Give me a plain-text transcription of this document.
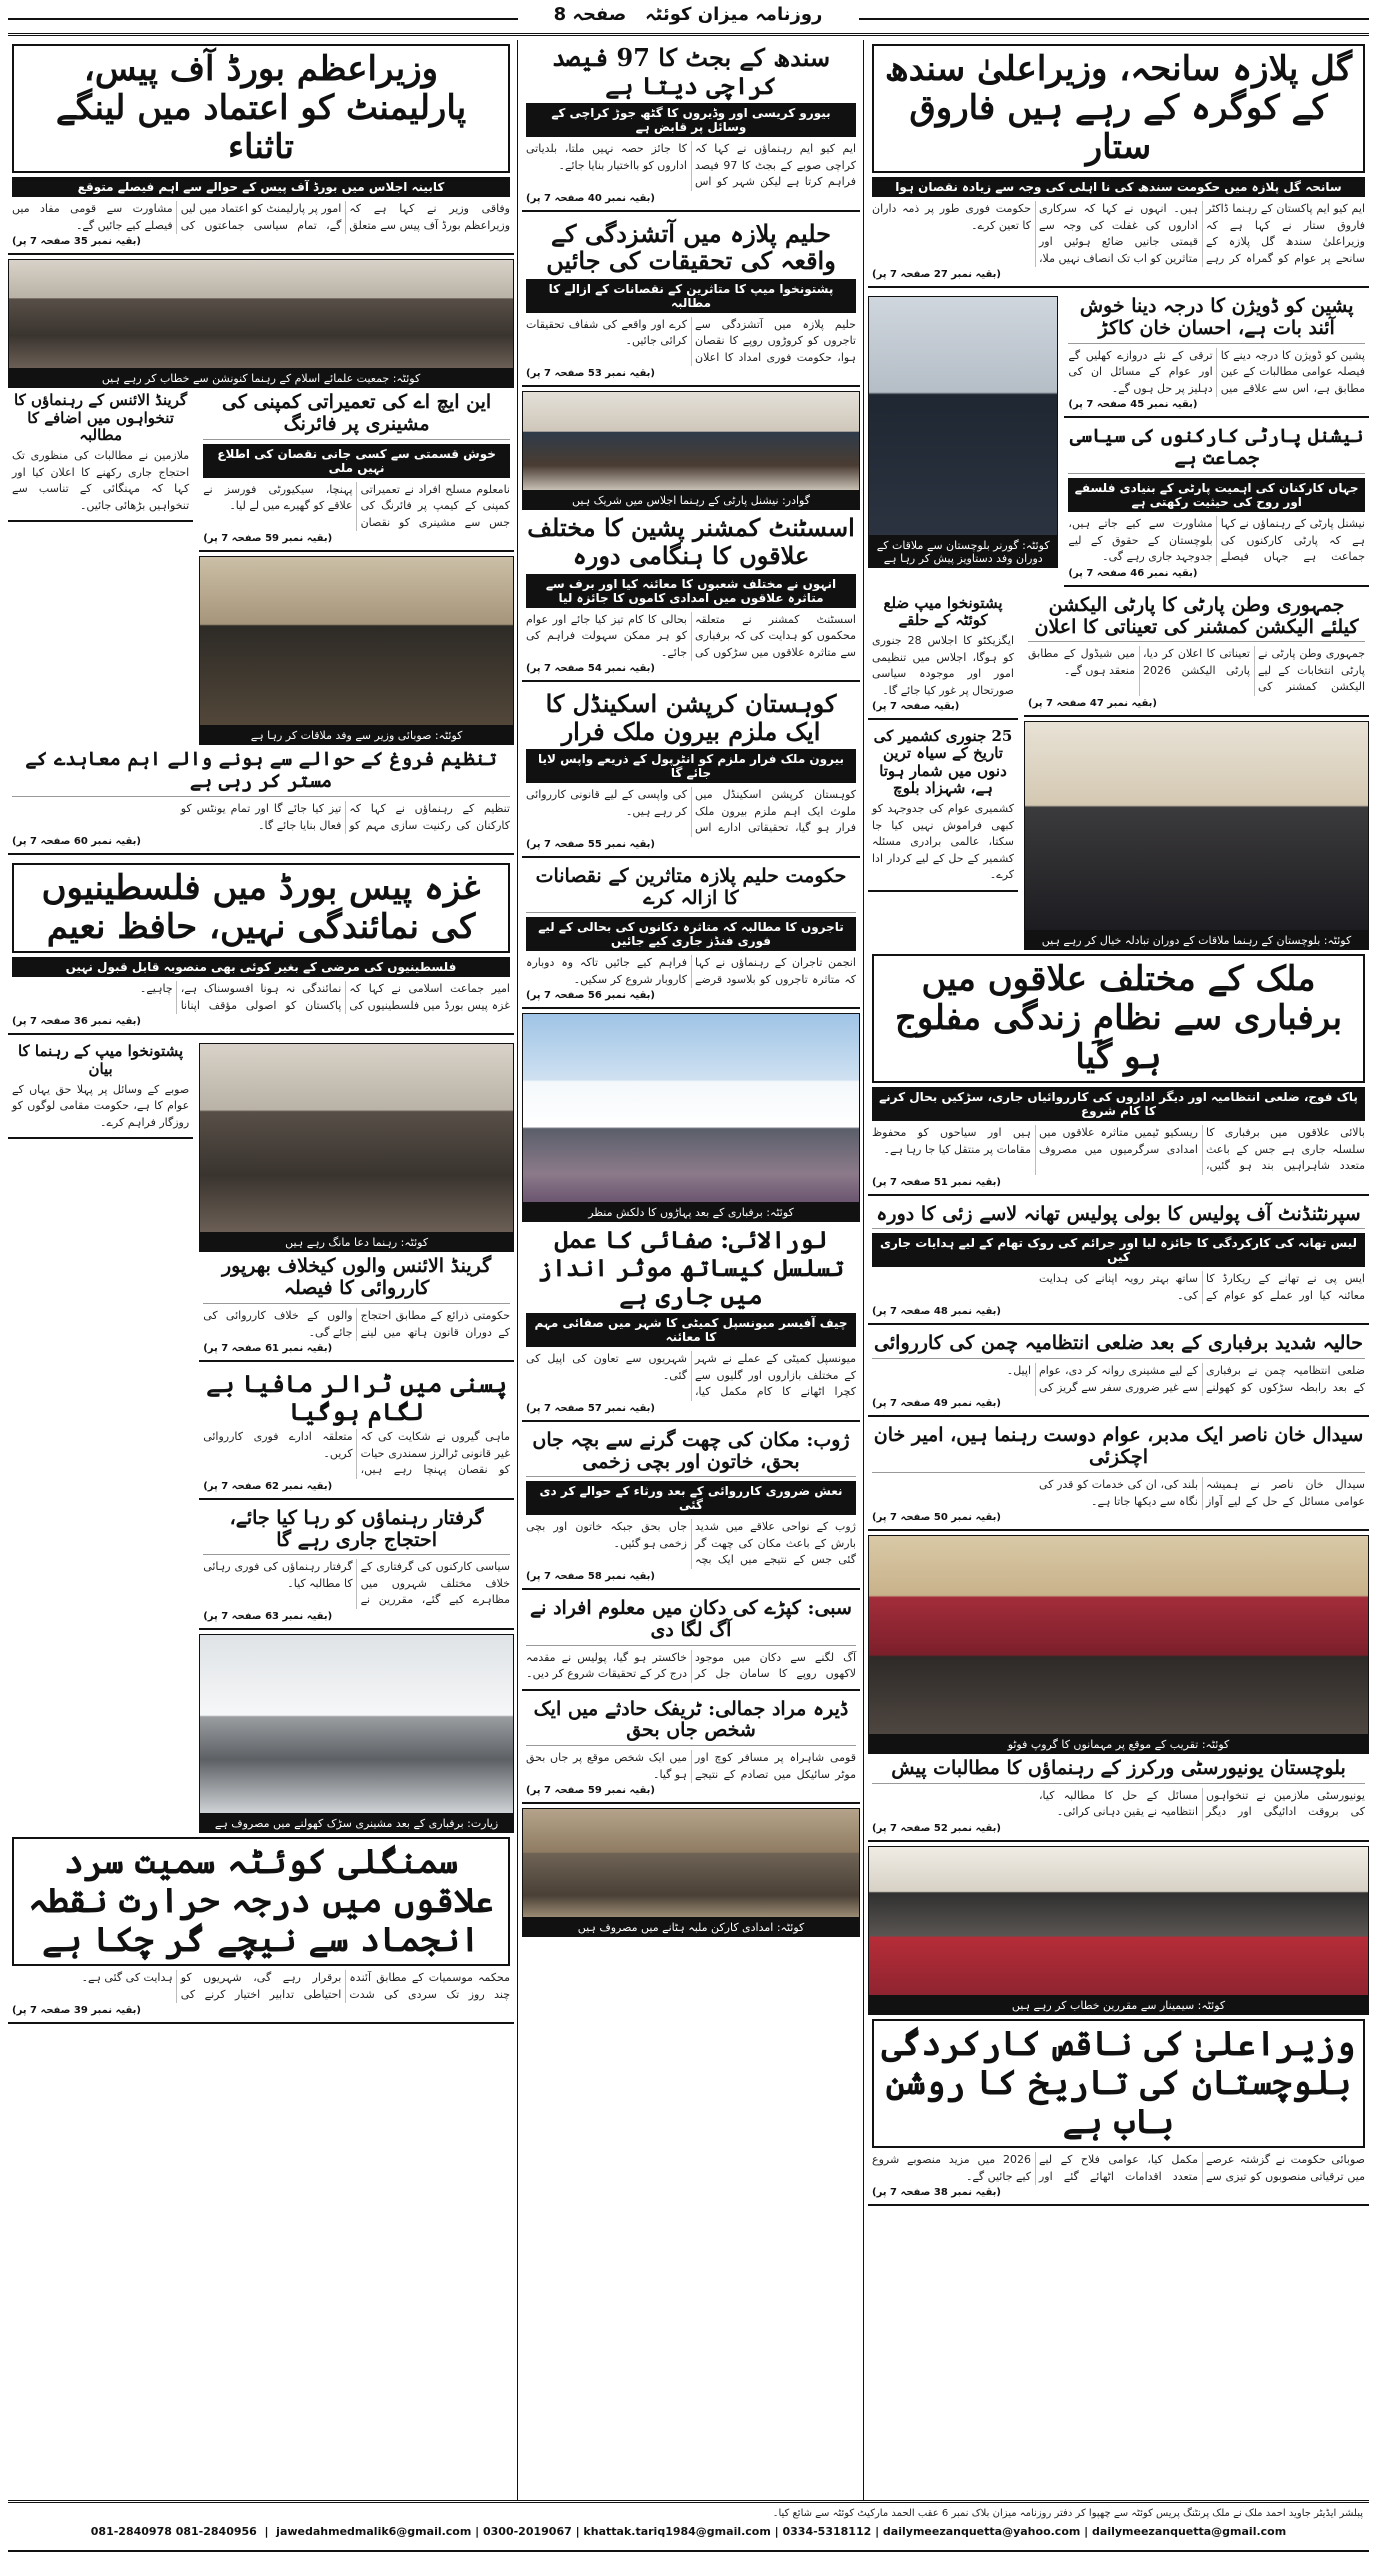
روزنامہ میزان کوئٹہ   صفحہ 8
گل پلازہ سانحہ، وزیراعلیٰ سندھ کے کوگرہ کے رہے ہیں فاروق ستار
سانحہ گل پلازہ میں حکومت سندھ کی نا اہلی کی وجہ سے زیادہ نقصان ہوا
ایم کیو ایم پاکستان کے رہنما ڈاکٹر فاروق ستار نے کہا ہے کہ وزیراعلیٰ سندھ گل پلازہ کے سانحے پر عوام کو گمراہ کر رہے ہیں۔ انہوں نے کہا کہ سرکاری اداروں کی غفلت کی وجہ سے قیمتی جانیں ضائع ہوئیں اور متاثرین کو اب تک انصاف نہیں ملا، حکومت فوری طور پر ذمہ داران کا تعین کرے۔
(بقیہ نمبر 27 صفحہ 7 پر)
پشین کو ڈویژن کا درجہ دینا خوش آئند بات ہے، احسان خان کاکڑ
پشین کو ڈویژن کا درجہ دینے کا فیصلہ عوامی مطالبات کے عین مطابق ہے، اس سے علاقے میں ترقی کے نئے دروازے کھلیں گے اور عوام کے مسائل ان کی دہلیز پر حل ہوں گے۔
(بقیہ نمبر 45 صفحہ 7 پر)
نیشنل پارٹی کارکنوں کی سیاسی جماعت ہے
جہاں کارکنان کی اہمیت پارٹی کے بنیادی فلسفے اور روح کی حیثیت رکھتی ہے
نیشنل پارٹی کے رہنماؤں نے کہا ہے کہ پارٹی کارکنوں کی جماعت ہے جہاں فیصلے مشاورت سے کیے جاتے ہیں، بلوچستان کے حقوق کے لیے جدوجہد جاری رہے گی۔
(بقیہ نمبر 46 صفحہ 7 پر)
کوئٹہ: گورنر بلوچستان سے ملاقات کے دوران وفد دستاویز پیش کر رہا ہے
جمہوری وطن پارٹی کا پارٹی الیکشن کیلئے الیکشن کمشنر کی تعیناتی کا اعلان
جمہوری وطن پارٹی نے پارٹی انتخابات کے لیے الیکشن کمشنر کی تعیناتی کا اعلان کر دیا، پارٹی الیکشن 2026 میں شیڈول کے مطابق منعقد ہوں گے۔
(بقیہ نمبر 47 صفحہ 7 پر)
کوئٹہ: بلوچستان کے رہنما ملاقات کے دوران تبادلہ خیال کر رہے ہیں
پشتونخوا میپ ضلع کوئٹہ کے حلقے
ایگزیکٹو کا اجلاس 28 جنوری کو ہوگا، اجلاس میں تنظیمی امور اور موجودہ سیاسی صورتحال پر غور کیا جائے گا۔
(بقیہ صفحہ 7 پر)
25 جنوری کشمیر کی تاریخ کے سیاہ ترین دنوں میں شمار ہوتا ہے، شہزاد بلوچ
کشمیری عوام کی جدوجہد کو کبھی فراموش نہیں کیا جا سکتا، عالمی برادری مسئلہ کشمیر کے حل کے لیے کردار ادا کرے۔
ملک کے مختلف علاقوں میں برفباری سے نظامِ زندگی مفلوج ہو گیا
پاک فوج، ضلعی انتظامیہ اور دیگر اداروں کی کارروائیاں جاری، سڑکیں بحال کرنے کا کام شروع
بالائی علاقوں میں برفباری کا سلسلہ جاری ہے جس کے باعث متعدد شاہراہیں بند ہو گئیں، ریسکیو ٹیمیں متاثرہ علاقوں میں امدادی سرگرمیوں میں مصروف ہیں اور سیاحوں کو محفوظ مقامات پر منتقل کیا جا رہا ہے۔
(بقیہ نمبر 51 صفحہ 7 پر)
سپرنٹنڈنٹ آف پولیس کا بولی پولیس تھانہ لاسے زئی کا دورہ
لیس تھانہ کی کارکردگی کا جائزہ لیا اور جرائم کی روک تھام کے لیے ہدایات جاری کیں
ایس پی نے تھانے کے ریکارڈ کا معائنہ کیا اور عملے کو عوام کے ساتھ بہتر رویہ اپنانے کی ہدایت کی۔
(بقیہ نمبر 48 صفحہ 7 پر)
حالیہ شدید برفباری کے بعد ضلعی انتظامیہ چمن کی کارروائی
ضلعی انتظامیہ چمن نے برفباری کے بعد رابطہ سڑکوں کو کھولنے کے لیے مشینری روانہ کر دی، عوام سے غیر ضروری سفر سے گریز کی اپیل۔
(بقیہ نمبر 49 صفحہ 7 پر)
سیدال خان ناصر ایک مدبر، عوام دوست رہنما ہیں، امیر خان اچکزئی
سیدال خان ناصر نے ہمیشہ عوامی مسائل کے حل کے لیے آواز بلند کی، ان کی خدمات کو قدر کی نگاہ سے دیکھا جاتا ہے۔
(بقیہ نمبر 50 صفحہ 7 پر)
کوئٹہ: تقریب کے موقع پر مہمانوں کا گروپ فوٹو
بلوچستان یونیورسٹی ورکرز کے رہنماؤں کا مطالبات پیش
یونیورسٹی ملازمین نے تنخواہوں کی بروقت ادائیگی اور دیگر مسائل کے حل کا مطالبہ کیا، انتظامیہ نے یقین دہانی کرائی۔
(بقیہ نمبر 52 صفحہ 7 پر)
کوئٹہ: سیمینار سے مقررین خطاب کر رہے ہیں
وزیراعلیٰ کی ناقص کارکردگی بلوچستان کی تاریخ کا روشن باب ہے
صوبائی حکومت نے گزشتہ عرصے میں ترقیاتی منصوبوں کو تیزی سے مکمل کیا، عوامی فلاح کے لیے متعدد اقدامات اٹھائے گئے اور 2026 میں مزید منصوبے شروع کیے جائیں گے۔
(بقیہ نمبر 38 صفحہ 7 پر)
سندھ کے بجٹ کا 97 فیصد کراچی دیتا ہے
بیورو کریسی اور وڈیروں کا گٹھ جوڑ کراچی کے وسائل پر قابض ہے
ایم کیو ایم رہنماؤں نے کہا کہ کراچی صوبے کے بجٹ کا 97 فیصد فراہم کرتا ہے لیکن شہر کو اس کا جائز حصہ نہیں ملتا، بلدیاتی اداروں کو بااختیار بنایا جائے۔
(بقیہ نمبر 40 صفحہ 7 پر)
حلیم پلازہ میں آتشزدگی کے واقعہ کی تحقیقات کی جائیں
پشتونخوا میپ کا متاثرین کے نقصانات کے ازالے کا مطالبہ
حلیم پلازہ میں آتشزدگی سے تاجروں کو کروڑوں روپے کا نقصان ہوا، حکومت فوری امداد کا اعلان کرے اور واقعے کی شفاف تحقیقات کرائی جائیں۔
(بقیہ نمبر 53 صفحہ 7 پر)
گوادر: نیشنل پارٹی کے رہنما اجلاس میں شریک ہیں
اسسٹنٹ کمشنر پشین کا مختلف علاقوں کا ہنگامی دورہ
انہوں نے مختلف شعبوں کا معائنہ کیا اور برف سے متاثرہ علاقوں میں امدادی کاموں کا جائزہ لیا
اسسٹنٹ کمشنر نے متعلقہ محکموں کو ہدایت کی کہ برفباری سے متاثرہ علاقوں میں سڑکوں کی بحالی کا کام تیز کیا جائے اور عوام کو ہر ممکن سہولت فراہم کی جائے۔
(بقیہ نمبر 54 صفحہ 7 پر)
کوہستان کرپشن اسکینڈل کا ایک ملزم بیرون ملک فرار
بیرون ملک فرار ملزم کو انٹرپول کے ذریعے واپس لایا جائے گا
کوہستان کرپشن اسکینڈل میں ملوث ایک اہم ملزم بیرون ملک فرار ہو گیا، تحقیقاتی ادارے اس کی واپسی کے لیے قانونی کارروائی کر رہے ہیں۔
(بقیہ نمبر 55 صفحہ 7 پر)
حکومت حلیم پلازہ متاثرین کے نقصانات کا ازالہ کرے
تاجروں کا مطالبہ کہ متاثرہ دکانوں کی بحالی کے لیے فوری فنڈز جاری کیے جائیں
انجمن تاجران کے رہنماؤں نے کہا کہ متاثرہ تاجروں کو بلاسود قرضے فراہم کیے جائیں تاکہ وہ دوبارہ کاروبار شروع کر سکیں۔
(بقیہ نمبر 56 صفحہ 7 پر)
کوئٹہ: برفباری کے بعد پہاڑوں کا دلکش منظر
لورالائی: صفائی کا عمل تسلسل کیساتھ موثر انداز میں جاری ہے
چیف آفیسر میونسپل کمیٹی کا شہر میں صفائی مہم کا معائنہ
میونسپل کمیٹی کے عملے نے شہر کے مختلف بازاروں اور گلیوں سے کچرا اٹھانے کا کام مکمل کیا، شہریوں سے تعاون کی اپیل کی گئی۔
(بقیہ نمبر 57 صفحہ 7 پر)
ژوب: مکان کی چھت گرنے سے بچہ جاں بحق، خاتون اور بچی زخمی
نعش ضروری کارروائی کے بعد ورثاء کے حوالے کر دی گئی
ژوب کے نواحی علاقے میں شدید بارش کے باعث مکان کی چھت گر گئی جس کے نتیجے میں ایک بچہ جاں بحق جبکہ خاتون اور بچی زخمی ہو گئیں۔
(بقیہ نمبر 58 صفحہ 7 پر)
سبی: کپڑے کی دکان میں معلوم افراد نے آگ لگا دی
آگ لگنے سے دکان میں موجود لاکھوں روپے کا سامان جل کر خاکستر ہو گیا، پولیس نے مقدمہ درج کر کے تحقیقات شروع کر دیں۔
ڈیرہ مراد جمالی: ٹریفک حادثے میں ایک شخص جاں بحق
قومی شاہراہ پر مسافر کوچ اور موٹر سائیکل میں تصادم کے نتیجے میں ایک شخص موقع پر جاں بحق ہو گیا۔
(بقیہ نمبر 59 صفحہ 7 پر)
کوئٹہ: امدادی کارکن ملبہ ہٹانے میں مصروف ہیں
وزیراعظم بورڈ آف پیس، پارلیمنٹ کو اعتماد میں لینگے تاثناء
کابینہ اجلاس میں بورڈ آف پیس کے حوالے سے اہم فیصلے متوقع
وفاقی وزیر نے کہا ہے کہ وزیراعظم بورڈ آف پیس سے متعلق امور پر پارلیمنٹ کو اعتماد میں لیں گے، تمام سیاسی جماعتوں کی مشاورت سے قومی مفاد میں فیصلے کیے جائیں گے۔
(بقیہ نمبر 35 صفحہ 7 پر)
کوئٹہ: جمعیت علمائے اسلام کے رہنما کنونشن سے خطاب کر رہے ہیں
این ایچ اے کی تعمیراتی کمپنی کی مشینری پر فائرنگ
خوش قسمتی سے کسی جانی نقصان کی اطلاع نہیں ملی
نامعلوم مسلح افراد نے تعمیراتی کمپنی کے کیمپ پر فائرنگ کی جس سے مشینری کو نقصان پہنچا، سیکیورٹی فورسز نے علاقے کو گھیرے میں لے لیا۔
(بقیہ نمبر 59 صفحہ 7 پر)
کوئٹہ: صوبائی وزیر سے وفد ملاقات کر رہا ہے
گرینڈ الائنس کے رہنماؤں کا تنخواہوں میں اضافے کا مطالبہ
ملازمین نے مطالبات کی منظوری تک احتجاج جاری رکھنے کا اعلان کیا اور کہا کہ مہنگائی کے تناسب سے تنخواہیں بڑھائی جائیں۔
تنظیم فروغ کے حوالے سے ہونے والے اہم معاہدے کے مستر کر رہی ہے
تنظیم کے رہنماؤں نے کہا کہ کارکنان کی رکنیت سازی مہم کو تیز کیا جائے گا اور تمام یونٹس کو فعال بنایا جائے گا۔
(بقیہ نمبر 60 صفحہ 7 پر)
غزہ پیس بورڈ میں فلسطینیوں کی نمائندگی نہیں، حافظ نعیم
فلسطینیوں کی مرضی کے بغیر کوئی بھی منصوبہ قابل قبول نہیں
امیر جماعت اسلامی نے کہا کہ غزہ پیس بورڈ میں فلسطینیوں کی نمائندگی نہ ہونا افسوسناک ہے، پاکستان کو اصولی مؤقف اپنانا چاہیے۔
(بقیہ نمبر 36 صفحہ 7 پر)
کوئٹہ: رہنما دعا مانگ رہے ہیں
گرینڈ الائنس والوں کیخلاف بھرپور کارروائی کا فیصلہ
حکومتی ذرائع کے مطابق احتجاج کے دوران قانون ہاتھ میں لینے والوں کے خلاف کارروائی کی جائے گی۔
(بقیہ نمبر 61 صفحہ 7 پر)
پسنی میں ٹرالر مافیا بے لگام ہوگیا
ماہی گیروں نے شکایت کی کہ غیر قانونی ٹرالرز سمندری حیات کو نقصان پہنچا رہے ہیں، متعلقہ ادارے فوری کارروائی کریں۔
(بقیہ نمبر 62 صفحہ 7 پر)
گرفتار رہنماؤں کو رہا کیا جائے، احتجاج جاری رہے گا
سیاسی کارکنوں کی گرفتاری کے خلاف مختلف شہروں میں مظاہرے کیے گئے، مقررین نے گرفتار رہنماؤں کی فوری رہائی کا مطالبہ کیا۔
(بقیہ نمبر 63 صفحہ 7 پر)
زیارت: برفباری کے بعد مشینری سڑک کھولنے میں مصروف ہے
پشتونخوا میپ کے رہنما کا بیان
صوبے کے وسائل پر پہلا حق یہاں کے عوام کا ہے، حکومت مقامی لوگوں کو روزگار فراہم کرے۔
سمنگلی کوئٹہ سمیت سرد علاقوں میں درجہ حرارت نقطہ انجماد سے نیچے گر چکا ہے
محکمہ موسمیات کے مطابق آئندہ چند روز تک سردی کی شدت برقرار رہے گی، شہریوں کو احتیاطی تدابیر اختیار کرنے کی ہدایت کی گئی ہے۔
(بقیہ نمبر 39 صفحہ 7 پر)
پبلشر ایڈیٹر جاوید احمد ملک نے ملک پرنٹنگ پریس کوئٹہ سے چھپوا کر دفتر روزنامہ میزان بلاک نمبر 6 عقب الحمد مارکیٹ کوئٹہ سے شائع کیا۔
081-2840978 081-2840956  |  jawedahmedmalik6@gmail.com | 0300-2019067 | khattak.tariq1984@gmail.com | 0334-5318112 | dailymeezanquetta@yahoo.com | dailymeezanquetta@gmail.com
